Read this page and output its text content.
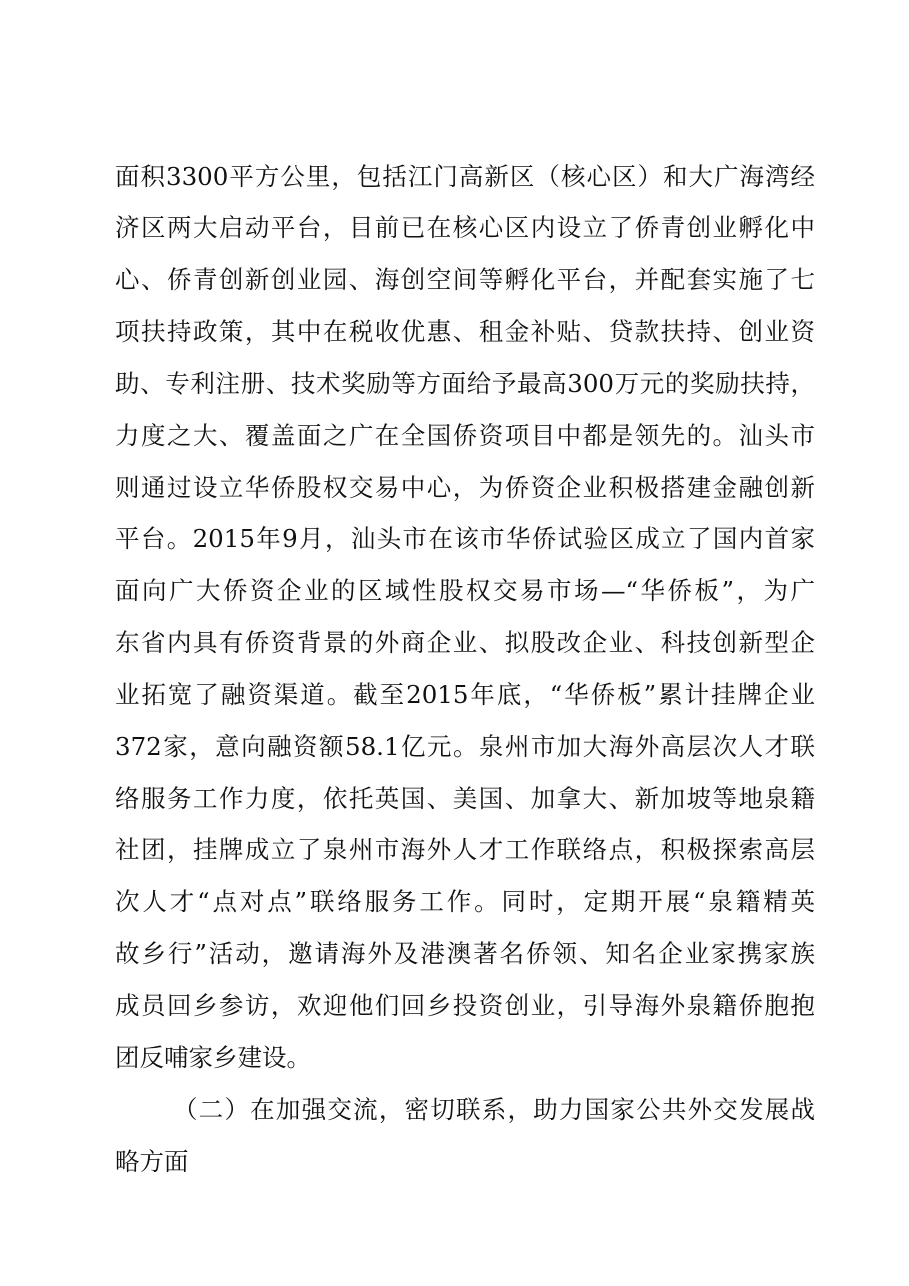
面积3300平方公里，包括江门高新区（核心区）和大广海湾经
济区两大启动平台，目前已在核心区内设立了侨青创业孵化中
心、侨青创新创业园、海创空间等孵化平台，并配套实施了七
项扶持政策，其中在税收优惠、租金补贴、贷款扶持、创业资
助、专利注册、技术奖励等方面给予最高300万元的奖励扶持，
力度之大、覆盖面之广在全国侨资项目中都是领先的。汕头市
则通过设立华侨股权交易中心，为侨资企业积极搭建金融创新
平台。2015年9月，汕头市在该市华侨试验区成立了国内首家
面向广大侨资企业的区域性股权交易市场—“华侨板”，为广
东省内具有侨资背景的外商企业、拟股改企业、科技创新型企
业拓宽了融资渠道。截至2015年底，“华侨板”累计挂牌企业
372家，意向融资额58.1亿元。泉州市加大海外高层次人才联
络服务工作力度，依托英国、美国、加拿大、新加坡等地泉籍
社团，挂牌成立了泉州市海外人才工作联络点，积极探索高层
次人才“点对点”联络服务工作。同时，定期开展“泉籍精英
故乡行”活动，邀请海外及港澳著名侨领、知名企业家携家族
成员回乡参访，欢迎他们回乡投资创业，引导海外泉籍侨胞抱
团反哺家乡建设。
（二）在加强交流，密切联系，助力国家公共外交发展战
略方面
